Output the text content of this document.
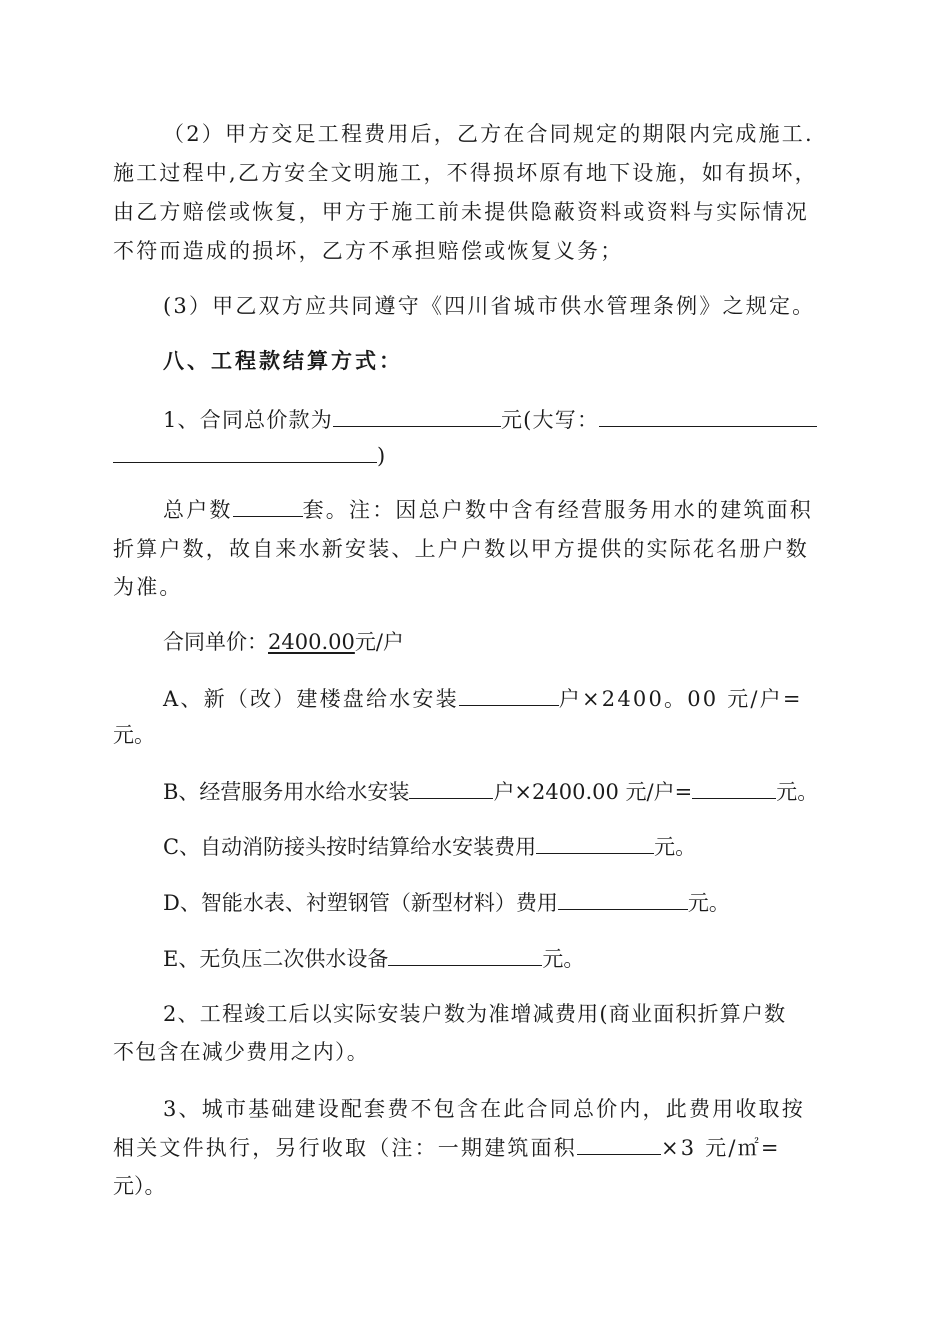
（2）甲方交足工程费用后，乙方在合同规定的期限内完成施工.
施工过程中,乙方安全文明施工，不得损坏原有地下设施，如有损坏，
由乙方赔偿或恢复，甲方于施工前未提供隐蔽资料或资料与实际情况
不符而造成的损坏，乙方不承担赔偿或恢复义务；
(3）甲乙双方应共同遵守《四川省城市供水管理条例》之规定。
八、工程款结算方式：
1、合同总价款为	元(大写：
)
总户数	套。注：因总户数中含有经营服务用水的建筑面积
折算户数，故自来水新安装、上户户数以甲方提供的实际花名册户数
为准。
合同单价：2400.00元/户
A、新（改）建楼盘给水安装	户×2400。00 元/户=
元。
B、经营服务用水给水安装	户×2400.00 元/户=	元。
C、自动消防接头按时结算给水安装费用	元。
D、智能水表、衬塑钢管（新型材料）费用	元。
E、无负压二次供水设备	元。
2、工程竣工后以实际安装户数为准增减费用(商业面积折算户数
不包含在减少费用之内）。
3、城市基础建设配套费不包含在此合同总价内，此费用收取按
相关文件执行，另行收取（注：一期建筑面积	×3 元/㎡=
元）。
